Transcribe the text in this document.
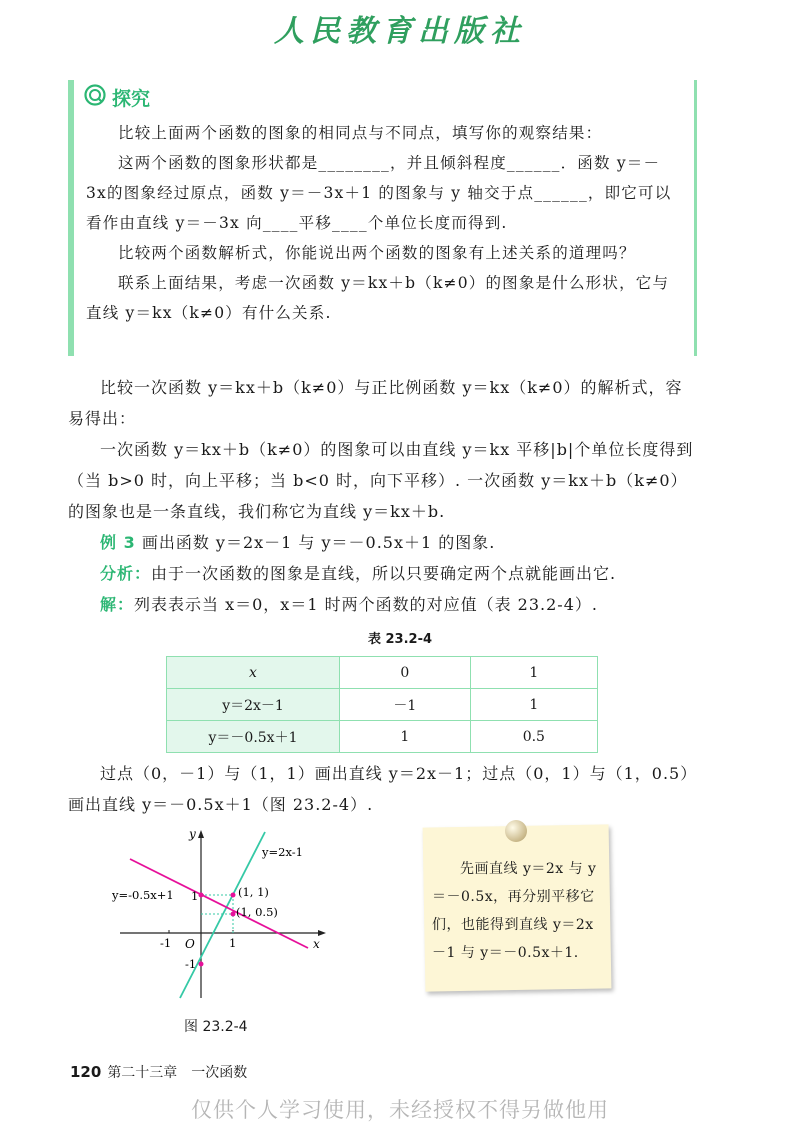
人民教育出版社
探究

比较上面两个函数的图象的相同点与不同点，填写你的观察结果：

这两个函数的图象形状都是________，并且倾斜程度______．函数 y＝－3x的图象经过原点，函数 y＝－3x＋1 的图象与 y 轴交于点______，即它可以看作由直线 y＝－3x 向____平移____个单位长度而得到.

比较两个函数解析式，你能说出两个函数的图象有上述关系的道理吗？

联系上面结果，考虑一次函数 y＝kx＋b（k≠0）的图象是什么形状，它与直线 y＝kx（k≠0）有什么关系.

比较一次函数 y＝kx＋b（k≠0）与正比例函数 y＝kx（k≠0）的解析式，容易得出：

一次函数 y＝kx＋b（k≠0）的图象可以由直线 y＝kx 平移|b|个单位长度得到（当 b>0 时，向上平移；当 b<0 时，向下平移）. 一次函数 y＝kx＋b（k≠0）的图象也是一条直线，我们称它为直线 y＝kx＋b.

例 3 画出函数 y＝2x－1 与 y＝－0.5x＋1 的图象.

分析：由于一次函数的图象是直线，所以只要确定两个点就能画出它.

解：列表表示当 x＝0，x＝1 时两个函数的对应值（表 23.2-4）.

表 23.2-4
x	0	1
y＝2x－1	－1	1
y＝－0.5x＋1	1	0.5

过点（0，－1）与（1，1）画出直线 y＝2x－1；过点（0，1）与（1，0.5）画出直线 y＝－0.5x＋1（图 23.2-4）.

y
x
O
y=2x-1
y=-0.5x+1	(1, 1)
(1, 0.5)
-1	1
1
-1
图 23.2-4

先画直线 y＝2x 与 y＝－0.5x，再分别平移它们，也能得到直线 y＝2x－1 与 y＝－0.5x＋1.

120 第二十三章　一次函数
仅供个人学习使用，未经授权不得另做他用
